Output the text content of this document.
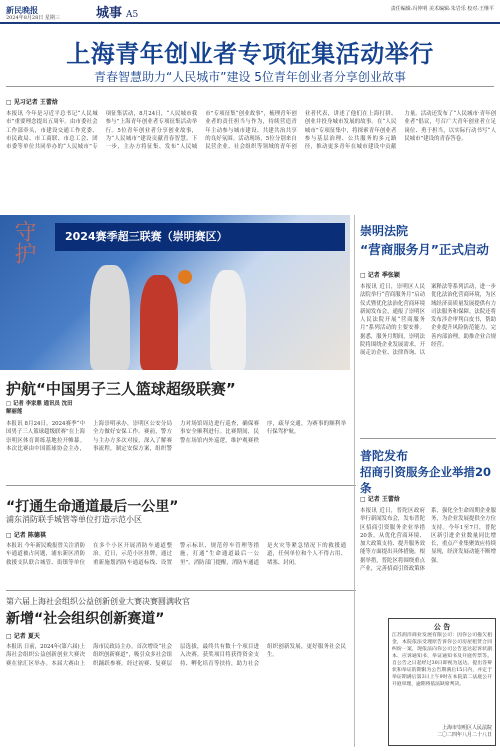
新民晚报
2024年8月28日 星期三	城事 A5
责任编辑:冯仲明 美术编辑:朱岩乐 校对:王继平
上海青年创业者专项征集活动举行
青春智慧助力“人民城市”建设 5位青年创业者分享创业故事
□ 见习记者 王蕾焓
本报讯 今年是习近平总书记“人民城市”重要理念提出五周年。由市委社会工作部牵头，市建设交通工作党委、市民政局、市工商联、市总工会、团市委等单位共同举办的“人民城市”专项征集活动，8月24日，“人民城市我参与”上海青年创业者专项征集活动举行。5位青年创业者分享创业故事，为“人民城市”建设贡献青春智慧。下一步，主办方将征集、发布“人民城市”专项征集“创业故事”，梳理青年创业者的责任担当与作为，持续营造青年主动参与城市建设、共建共治共享的良好氛围。活动现场，5位分别来自民营企业、社会组织等领域的青年创业者代表，讲述了他们在上海打拼、创业并投身城市发展的故事。在“人民城市”专项征集中，将探索青年创业者参与基层治理、公共服务的多元路径，推动更多青年在城市建设中贡献力量。活动还发布了“人民城市·青年创业者”倡议，号召广大青年创业者立足岗位、勇于担当，以实际行动书写“人民城市”建设的青春答卷。
2024赛季超三联赛（崇明赛区）
守护
护航“中国男子三人篮球超级联赛”
□ 记者 李家鼎 通讯员 沈田 解丽莲
本报讯 8月24日，2024赛季“中国男子三人篮球超级联赛”在上海崇明区体育训练基地拉开帷幕。本次比赛由中国篮球协会主办，上海崇明承办，崇明区公安分局全力做好安保工作。赛前，警方与主办方多次对接，深入了解赛事流程，制定安保方案，组织警力对场馆周边进行巡查，确保赛事安全顺利进行。比赛期间，民警在场馆内外巡逻，维护观赛秩序，疏导交通，为赛事的顺利举行保驾护航。
崇明法院
“营商服务月”正式启动
□ 记者 季张颖
本报讯 近日，崇明区人民法院举行“营商服务月”启动仪式暨优化法治化营商环境新闻发布会，通报了崇明区人民法院开展“营商服务月”系列活动的主要安排。据悉，服务月期间，崇明法院将围绕企业发展需求，开展走访企业、法律咨询、以案释法等系列活动，进一步优化法治化营商环境，为区域经济高质量发展提供有力司法服务和保障。法院还将发布涉企审判白皮书，帮助企业提升风险防范能力，完善内部治理，助推企业合规经营。
“打通生命通道最后一公里”
浦东消防联手城管等单位打造示范小区
□ 记者 陈德祺
本报讯 今年新民晚报曾关注消防车通道被占问题，浦东新区消防救援支队联合城管、街镇等单位在多个小区开展消防车通道整治。近日，示范小区挂牌，通过重新施划消防车通道标线、设置警示标识、规范停车管理等措施，打通“生命通道最后一公里”。消防部门提醒，消防车通道是火灾等紧急情况下的救援通道，任何单位和个人不得占用、堵塞、封闭。
第六届上海社会组织公益创新创业大赛决赛圆满收官
新增“社会组织创新赛道”
□ 记者 夏天
本报讯 日前，2024年(第六届)上海社会组织公益创新创业大赛决赛在徐汇区举办。本届大赛由上海市民政局主办，首次增设“社会组织创新赛道”，吸引众多社会组织踊跃参赛。经过初赛、复赛层层选拔，最终共有数十个项目进入决赛。获奖项目将获得资金支持、孵化培育等扶持，助力社会组织创新发展，更好服务社会民生。
普陀发布
招商引资服务企业举措20条
□ 记者 王蕾焓
本报讯 近日，普陀区政府举行新闻发布会，发布普陀区招商引资服务企业举措20条，从优化营商环境、加大政策支持、提升服务效能等方面提出具体措施。根据举措，普陀区将围绕重点产业，完善招商引资政策体系，强化全生命周期企业服务，为企业发展提供全方位支持。今年1至7月，普陀区新引进企业数量同比增长，重点产业集聚效应持续显现，经济发展动能不断增强。
公 告
江苏润洋商业发展有限公司：因你公司拖欠租金，本院依法受理原告诉你公司房屋租赁合同纠纷一案，现依法向你公司公告送达起诉状副本、应诉通知书、举证通知书及开庭传票等。自公告之日起经过30日即视为送达。提出答辩状和举证的期限为公告期满后15日内，并定于举证期满后第3日上午9时在本院第二法庭公开开庭审理，逾期将依法缺席判决。
上海市崇明区人民法院
二〇二四年八月二十八日
